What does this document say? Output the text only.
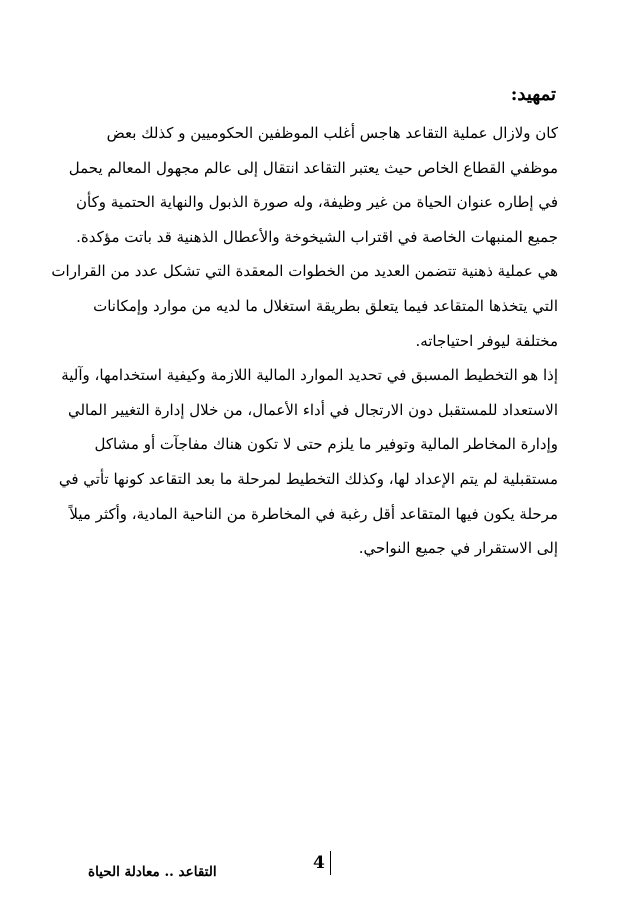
تمهيد:
كان ولازال عملية التقاعد هاجس أغلب الموظفين الحكوميين و كذلك بعض
موظفي القطاع الخاص حيث يعتبر التقاعد انتقال إلى عالم مجهول المعالم يحمل
في إطاره عنوان الحياة من غير وظيفة، وله صورة الذبول والنهاية الحتمية وكأن
جميع المنبهات الخاصة في اقتراب الشيخوخة والأعطال الذهنية قد باتت مؤكدة.
هي عملية ذهنية تتضمن العديد من الخطوات المعقدة التي تشكل عدد من القرارات
التي يتخذها المتقاعد فيما يتعلق بطريقة استغلال ما لديه من موارد وإمكانات
مختلفة ليوفر احتياجاته.
إذا هو التخطيط المسبق في تحديد الموارد المالية اللازمة وكيفية استخدامها، وآلية
الاستعداد للمستقبل دون الارتجال في أداء الأعمال، من خلال إدارة التغيير المالي
وإدارة المخاطر المالية وتوفير ما يلزم حتى لا تكون هناك مفاجآت أو مشاكل
مستقبلية لم يتم الإعداد لها، وكذلك التخطيط لمرحلة ما بعد التقاعد كونها تأتي في
مرحلة يكون فيها المتقاعد أقل رغبة في المخاطرة من الناحية المادية، وأكثر ميلاً
إلى الاستقرار في جميع النواحي.
4
التقاعد .. معادلة الحياة
